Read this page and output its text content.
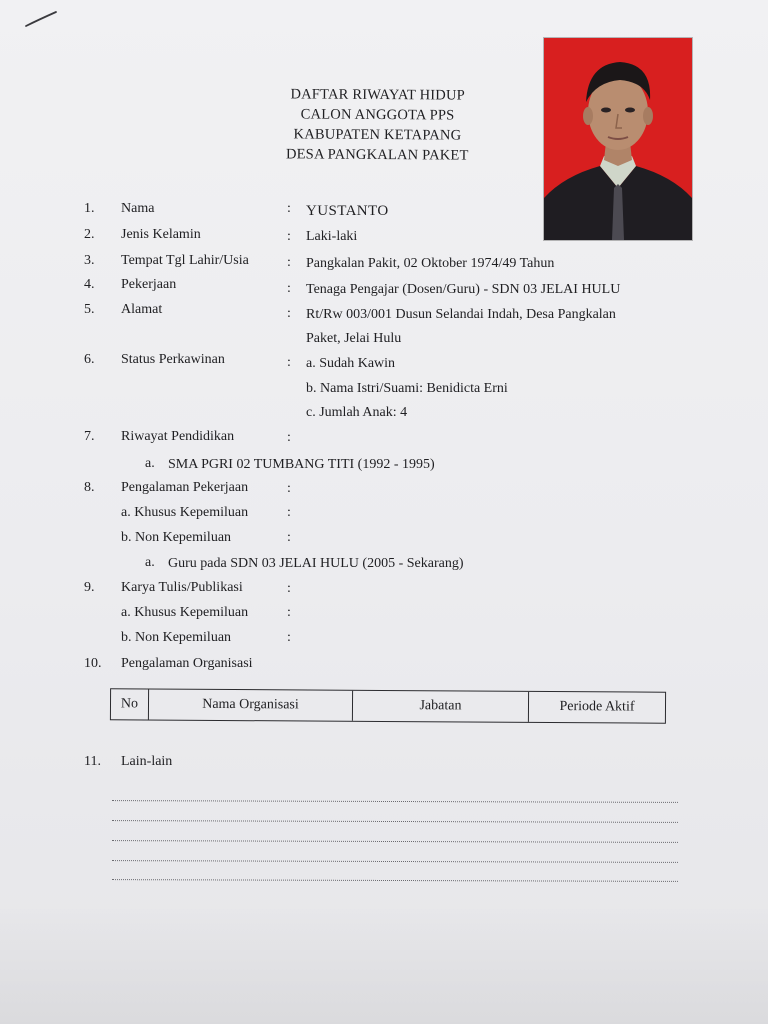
DAFTAR RIWAYAT HIDUP
CALON ANGGOTA PPS
KABUPATEN KETAPANG
DESA PANGKALAN PAKET
1. Nama	: YUSTANTO
2. Jenis Kelamin	: Laki-laki
3. Tempat Tgl Lahir/Usia	: Pangkalan Pakit, 02 Oktober 1974/49 Tahun
4. Pekerjaan	: Tenaga Pengajar (Dosen/Guru) - SDN 03 JELAI HULU
5. Alamat	: Rt/Rw 003/001 Dusun Selandai Indah, Desa Pangkalan
Paket, Jelai Hulu
6. Status Perkawinan	: a. Sudah Kawin
b. Nama Istri/Suami: Benidicta Erni
c. Jumlah Anak: 4
7. Riwayat Pendidikan	:
a. SMA PGRI 02 TUMBANG TITI (1992 - 1995)
8. Pengalaman Pekerjaan	:
a. Khusus Kepemiluan	:
b. Non Kepemiluan	:
a. Guru pada SDN 03 JELAI HULU (2005 - Sekarang)
9. Karya Tulis/Publikasi	:
a. Khusus Kepemiluan	:
b. Non Kepemiluan	:
10. Pengalaman Organisasi
11. Lain-lain
No	Nama Organisasi	Jabatan	Periode Aktif
